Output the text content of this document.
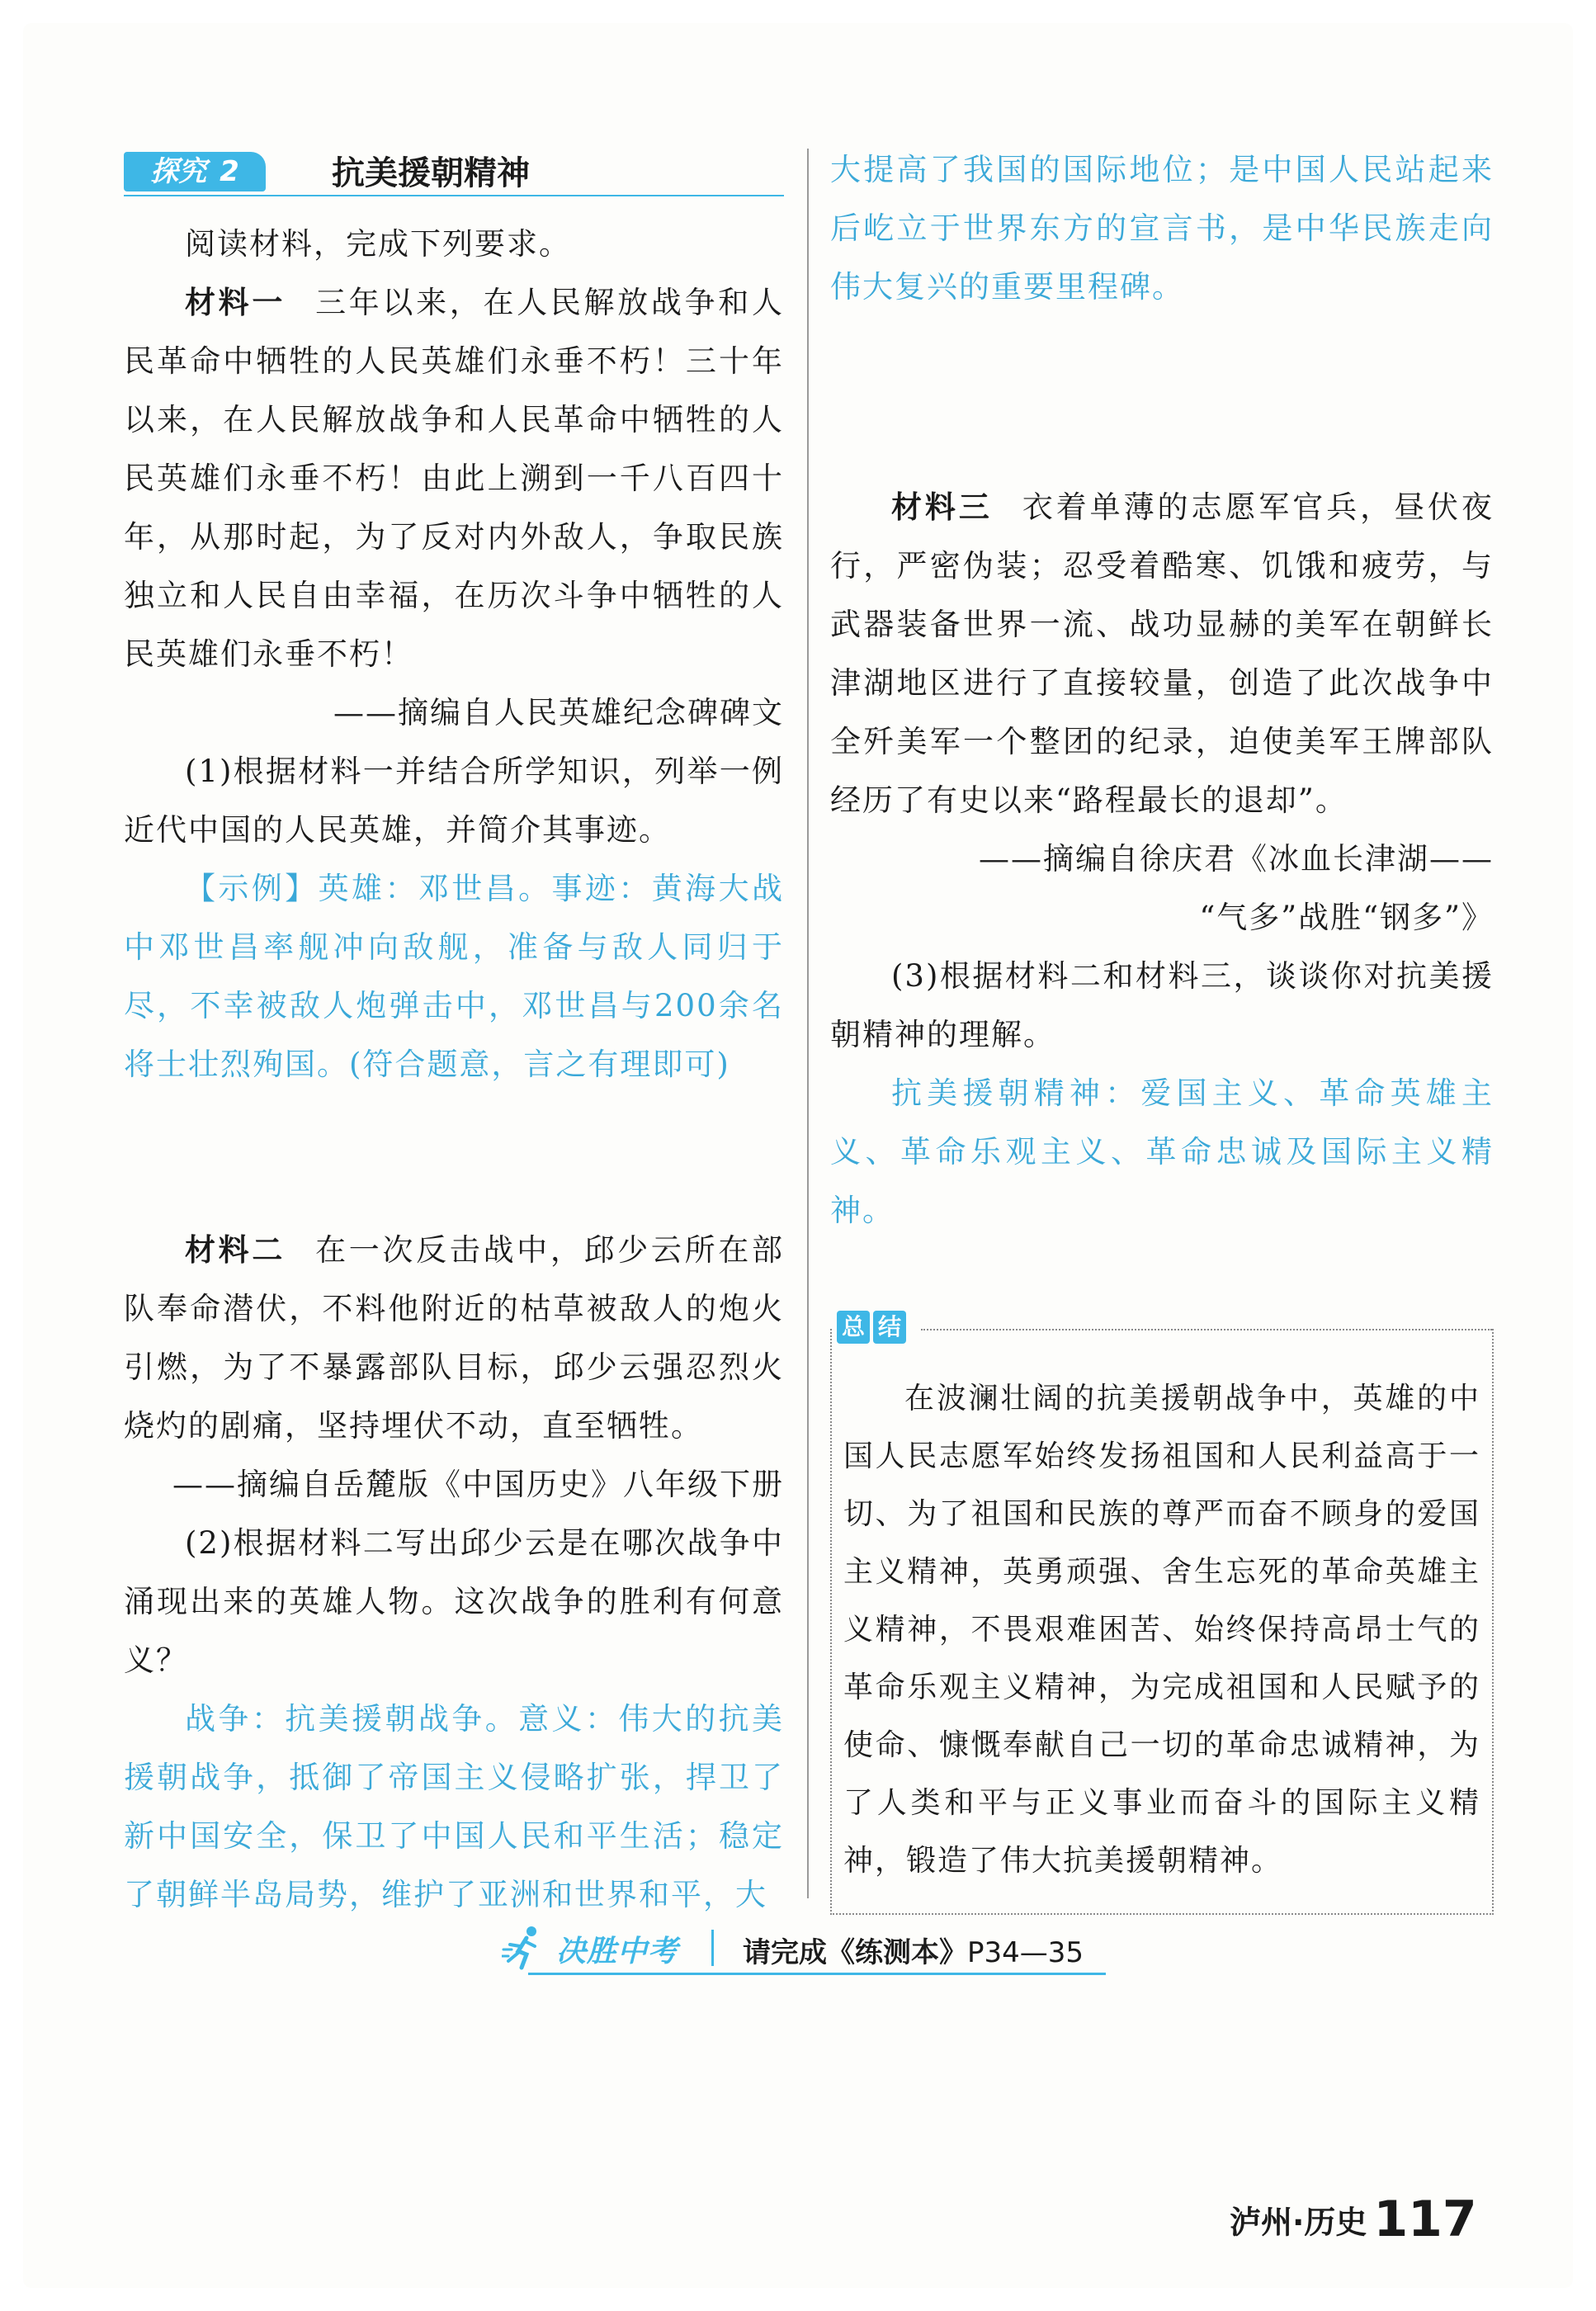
探究 2	抗美援朝精神

阅读材料，完成下列要求。

材料一 三年以来，在人民解放战争和人民革命中牺牲的人民英雄们永垂不朽！三十年以来，在人民解放战争和人民革命中牺牲的人民英雄们永垂不朽！由此上溯到一千八百四十年，从那时起，为了反对内外敌人，争取民族独立和人民自由幸福，在历次斗争中牺牲的人民英雄们永垂不朽！

——摘编自人民英雄纪念碑碑文

(1)根据材料一并结合所学知识，列举一例近代中国的人民英雄，并简介其事迹。

【示例】英雄：邓世昌。事迹：黄海大战中邓世昌率舰冲向敌舰，准备与敌人同归于尽，不幸被敌人炮弹击中，邓世昌与200余名将士壮烈殉国。(符合题意，言之有理即可)

材料二 在一次反击战中，邱少云所在部队奉命潜伏，不料他附近的枯草被敌人的炮火引燃，为了不暴露部队目标，邱少云强忍烈火烧灼的剧痛，坚持埋伏不动，直至牺牲。

——摘编自岳麓版《中国历史》八年级下册

(2)根据材料二写出邱少云是在哪次战争中涌现出来的英雄人物。这次战争的胜利有何意义？

战争：抗美援朝战争。意义：伟大的抗美援朝战争，抵御了帝国主义侵略扩张，捍卫了新中国安全，保卫了中国人民和平生活；稳定了朝鲜半岛局势，维护了亚洲和世界和平，大

大提高了我国的国际地位；是中国人民站起来后屹立于世界东方的宣言书，是中华民族走向伟大复兴的重要里程碑。

材料三 衣着单薄的志愿军官兵，昼伏夜行，严密伪装；忍受着酷寒、饥饿和疲劳，与武器装备世界一流、战功显赫的美军在朝鲜长津湖地区进行了直接较量，创造了此次战争中全歼美军一个整团的纪录，迫使美军王牌部队经历了有史以来“路程最长的退却”。

——摘编自徐庆君《冰血长津湖——

“气多”战胜“钢多”》

(3)根据材料二和材料三，谈谈你对抗美援朝精神的理解。

抗美援朝精神：爱国主义、革命英雄主义、革命乐观主义、革命忠诚及国际主义精神。

总 结

在波澜壮阔的抗美援朝战争中，英雄的中国人民志愿军始终发扬祖国和人民利益高于一切、为了祖国和民族的尊严而奋不顾身的爱国主义精神，英勇顽强、舍生忘死的革命英雄主义精神，不畏艰难困苦、始终保持高昂士气的革命乐观主义精神，为完成祖国和人民赋予的使命、慷慨奉献自己一切的革命忠诚精神，为了人类和平与正义事业而奋斗的国际主义精神，锻造了伟大抗美援朝精神。

决胜中考 请完成《练测本》P34—35
泸州·历史 117
